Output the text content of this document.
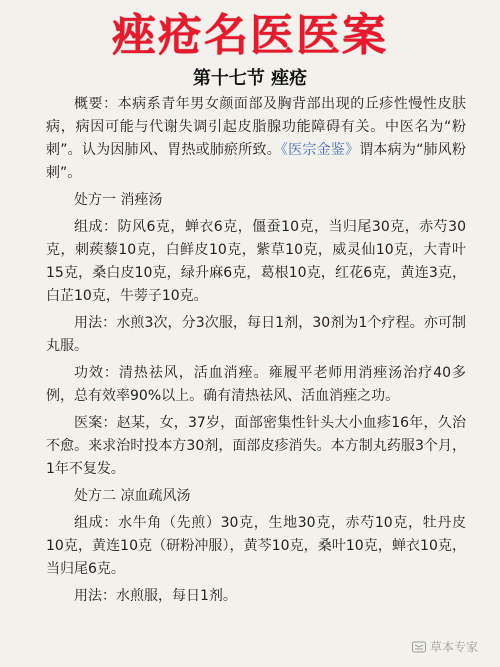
痤疮名医医案
第十七节 痤疮

概要：本病系青年男女颜面部及胸背部出现的丘疹性慢性皮肤病，病因可能与代谢失调引起皮脂腺功能障碍有关。中医名为“粉刺”。认为因肺风、胃热或肺瘀所致。《医宗金鉴》谓本病为“肺风粉刺”。

处方一 消痤汤

组成：防风6克，蝉衣6克，僵蚕10克，当归尾30克，赤芍30克，刺蒺藜10克，白鲜皮10克，紫草10克，威灵仙10克，大青叶15克，桑白皮10克，绿升麻6克，葛根10克，红花6克，黄连3克，白芷10克，牛蒡子10克。

用法：水煎3次，分3次服，每日1剂，30剂为1个疗程。亦可制丸服。

功效：清热祛风，活血消痤。雍履平老师用消痤汤治疗40多例，总有效率90%以上。确有清热祛风、活血消痤之功。

医案：赵某，女，37岁，面部密集性针头大小血疹16年，久治不愈。来求治时投本方30剂，面部皮疹消失。本方制丸药服3个月，1年不复发。

处方二 凉血疏风汤

组成：水牛角（先煎）30克，生地30克，赤芍10克，牡丹皮10克，黄连10克（研粉冲服），黄芩10克，桑叶10克，蝉衣10克，当归尾6克。

用法：水煎服，每日1剂。

草本专家
